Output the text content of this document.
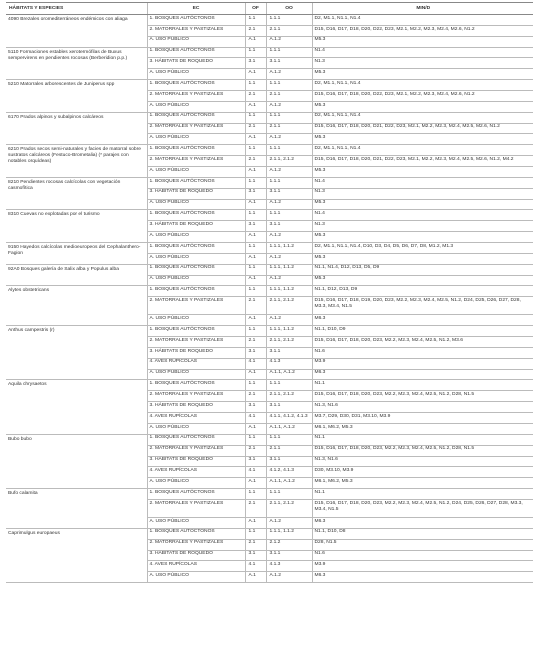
HÁBITATS Y ESPECIES	EC	OF	OO	MIN/D
4090 Brezales oromediterráneos endémicos con aliaga	1. BOSQUES AUTÓCTONOS	1.1	1.1.1	D2, M1.1, N1.1, N1.4
	2. MATORRALES Y PASTIZALES	2.1	2.1.1	D15, D16, D17, D18, D20, D22, D23, M2.1, M2.2, M2.3, M2.4, M2.6, N1.2
	A. USO PÚBLICO	A.1	A.1.2	M5.3
5110 Formaciones estables xerotermófilas de Buxus sempervirens en pendientes rocosas (Berberidion p.p.)	1. BOSQUES AUTÓCTONOS	1.1	1.1.1	N1.4
	3. HÁBITATS DE ROQUEDO	3.1	3.1.1	N1.3
	A. USO PÚBLICO	A.1	A.1.2	M5.3
5210 Matorrales arborescentes de Juniperus spp	1. BOSQUES AUTÓCTONOS	1.1	1.1.1	D2, M1.1, N1.1, N1.4
	2. MATORRALES Y PASTIZALES	2.1	2.1.1	D15, D16, D17, D18, D20, D22, D23, M2.1, M2.2, M2.3, M2.4, M2.6, N1.2
	A. USO PÚBLICO	A.1	A.1.2	M5.3
6170 Prados alpinos y subalpinos calcáreos	1. BOSQUES AUTÓCTONOS	1.1	1.1.1	D2, M1.1, N1.1, N1.4
	2. MATORRALES Y PASTIZALES	2.1	2.1.1	D15, D16, D17, D18, D20, D21, D22, D23, M2.1, M2.2, M2.3, M2.4, M2.5, M2.6, N1.2
	A. USO PÚBLICO	A.1	A.1.2	M5.3
6210 Prados secos semi-naturales y facies de matorral sobre sustratos calcáreos (Festuco-Brometalia) (* parajes con notables orquídeas)	1. BOSQUES AUTÓCTONOS	1.1	1.1.1	D2, M1.1, N1.1, N1.4
	2. MATORRALES Y PASTIZALES	2.1	2.1.1, 2.1.2	D15, D16, D17, D18, D20, D21, D22, D23, M2.1, M2.2, M2.3, M2.4, M2.5, M2.6, N1.2, M4.2
	A. USO PÚBLICO	A.1	A.1.2	M5.3
8210 Pendientes rocosas calcícolas con vegetación casmofítica	1. BOSQUES AUTÓCTONOS	1.1	1.1.1	N1.4
	3. HÁBITATS DE ROQUEDO	3.1	3.1.1	N1.3
	A. USO PÚBLICO	A.1	A.1.2	M5.3
8310 Cuevas no explotadas por el turismo	1. BOSQUES AUTÓCTONOS	1.1	1.1.1	N1.4
	3. HÁBITATS DE ROQUEDO	3.1	3.1.1	N1.3
	A. USO PÚBLICO	A.1	A.1.2	M5.3
9150 Hayedos calcícolas medioeuropeos del Cephalanthero-Fagion	1. BOSQUES AUTÓCTONOS	1.1	1.1.1, 1.1.2	D2, M1.1, N1.1, N1.4, D10, D3, D4, D5, D6, D7, D8, M1.2, M1.3
	A. USO PÚBLICO	A.1	A.1.2	M5.3
92A0 Bosques galería de Salix alba y Populus alba	1. BOSQUES AUTÓCTONOS	1.1	1.1.1, 1.1.2	N1.1, N1.4, D12, D13, D5, D9
	A. USO PÚBLICO	A.1	A.1.2	M5.3
Alytes obstetricans	1. BOSQUES AUTÓCTONOS	1.1	1.1.1, 1.1.2	N1.1, D12, D13, D9
	2. MATORRALES Y PASTIZALES	2.1	2.1.1, 2.1.2	D15, D16, D17, D18, D19, D20, D23, M2.2, M2.3, M2.4, M2.5, N1.2, D24, D25, D26, D27, D28, M3.3, M3.4, N1.5
	A. USO PÚBLICO	A.1	A.1.2	M6.3
Anthus campestris (r)	1. BOSQUES AUTÓCTONOS	1.1	1.1.1, 1.1.2	N1.1, D10, D9
	2. MATORRALES Y PASTIZALES	2.1	2.1.1, 2.1.2	D15, D16, D17, D18, D20, D23, M2.2, M2.3, M2.4, M2.5, N1.2, M3.6
	3. HÁBITATS DE ROQUEDO	3.1	3.1.1	N1.6
	4. AVES RUPÍCOLAS	4.1	4.1.3	M3.9
	A. USO PÚBLICO	A.1	A.1.1, A.1.2	M6.3
Aquila chrysaetos	1. BOSQUES AUTÓCTONOS	1.1	1.1.1	N1.1
	2. MATORRALES Y PASTIZALES	2.1	2.1.1, 2.1.2	D15, D16, D17, D18, D20, D23, M2.2, M2.3, M2.4, M2.5, N1.2, D28, N1.5
	3. HÁBITATS DE ROQUEDO	3.1	3.1.1	N1.3, N1.6
	4. AVES RUPÍCOLAS	4.1	4.1.1, 4.1.2, 4.1.3	M3.7, D29, D30, D31, M3.10, M3.9
	A. USO PÚBLICO	A.1	A.1.1, A.1.2	M6.1, M6.2, M5.3
Bubo bubo	1. BOSQUES AUTÓCTONOS	1.1	1.1.1	N1.1
	2. MATORRALES Y PASTIZALES	2.1	2.1.1	D15, D16, D17, D18, D20, D23, M2.2, M2.3, M2.4, M2.5, N1.2, D28, N1.5
	3. HÁBITATS DE ROQUEDO	3.1	3.1.1	N1.3, N1.6
	4. AVES RUPÍCOLAS	4.1	4.1.2, 4.1.3	D30, M3.10, M3.9
	A. USO PÚBLICO	A.1	A.1.1, A.1.2	M6.1, M6.2, M5.3
Bufo calamita	1. BOSQUES AUTÓCTONOS	1.1	1.1.1	N1.1
	2. MATORRALES Y PASTIZALES	2.1	2.1.1, 2.1.2	D15, D16, D17, D18, D20, D23, M2.2, M2.3, M2.4, M2.5, N1.2, D24, D25, D26, D27, D28, M3.3, M3.4, N1.5
	A. USO PÚBLICO	A.1	A.1.2	M6.3
Caprimulgus europaeus	1. BOSQUES AUTÓCTONOS	1.1	1.1.1, 1.1.2	N1.1, D10, D8
	2. MATORRALES Y PASTIZALES	2.1	2.1.2	D28, N1.5
	3. HÁBITATS DE ROQUEDO	3.1	3.1.1	N1.6
	4. AVES RUPÍCOLAS	4.1	4.1.3	M3.9
	A. USO PÚBLICO	A.1	A.1.2	M6.3
